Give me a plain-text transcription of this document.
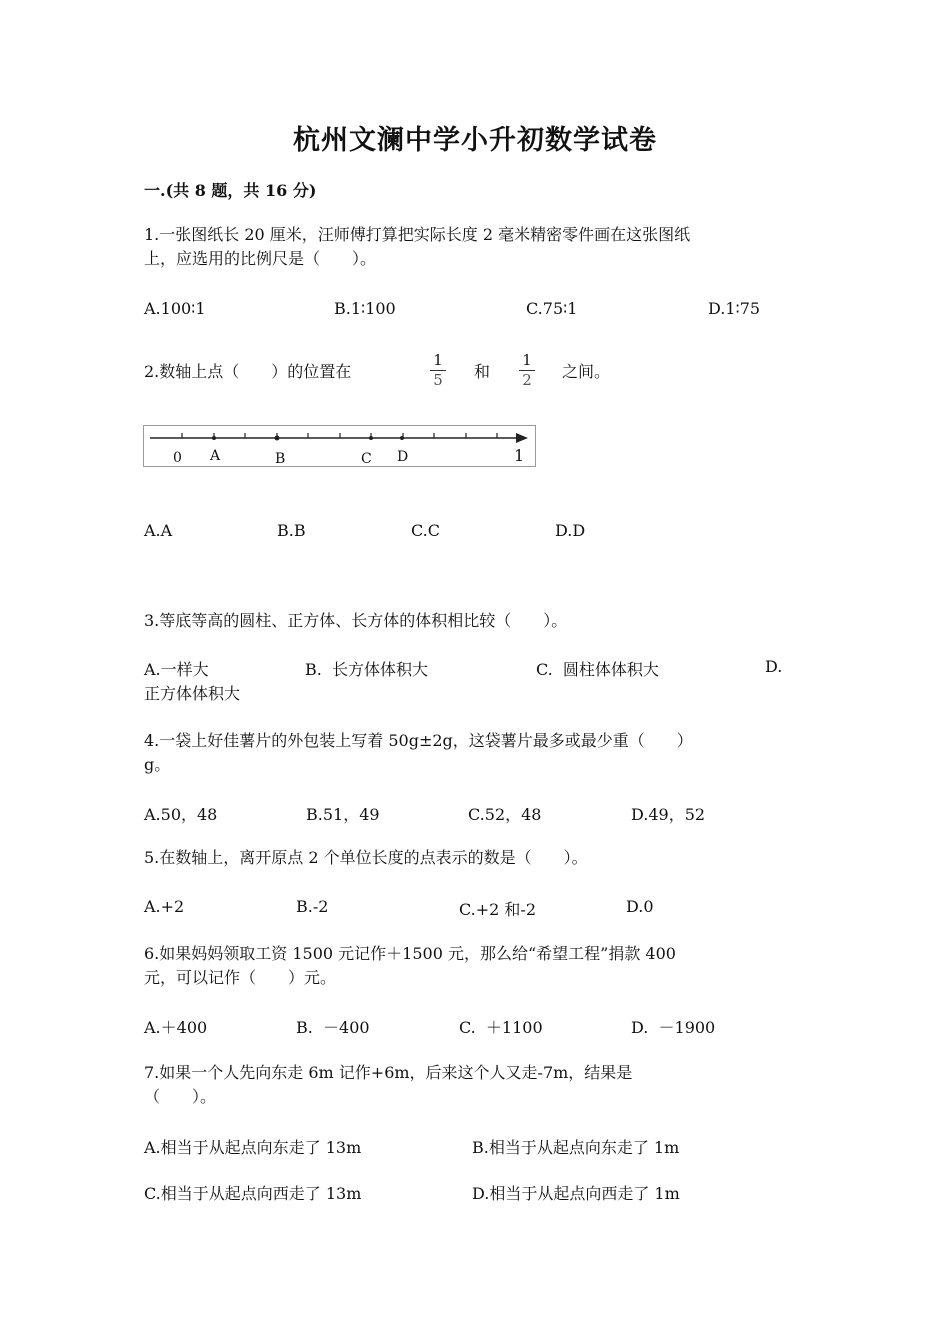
杭州文澜中学小升初数学试卷
一.(共 8 题，共 16 分)
1.一张图纸长 20 厘米，汪师傅打算把实际长度 2 毫米精密零件画在这张图纸
上，应选用的比例尺是（　　）。
A.100∶1	B.1∶100	C.75∶1	D.1∶75
2.数轴上点（　　）的位置在
1
5	和
1
2	之间。
0 A	B	C D	1
A.A	B.B	C.C	D.D
3.等底等高的圆柱、正方体、长方体的体积相比较（　　）。
A.一样大	B.  长方体体积大	C.  圆柱体体积大	D.
正方体体积大
4.一袋上好佳薯片的外包装上写着 50g±2g，这袋薯片最多或最少重（　　）
g。
A.50，48	B.51，49	C.52，48	D.49，52
5.在数轴上，离开原点 2 个单位长度的点表示的数是（　　）。
A.+2	B.-2	C.+2 和-2	D.0
6.如果妈妈领取工资 1500 元记作＋1500 元，那么给“希望工程”捐款 400
元，可以记作（　　）元。
A.＋400	B.  －400	C.  ＋1100	D.  －1900
7.如果一个人先向东走 6m 记作+6m，后来这个人又走-7m，结果是
（　　）。
A.相当于从起点向东走了 13m	B.相当于从起点向东走了 1m
C.相当于从起点向西走了 13m	D.相当于从起点向西走了 1m
